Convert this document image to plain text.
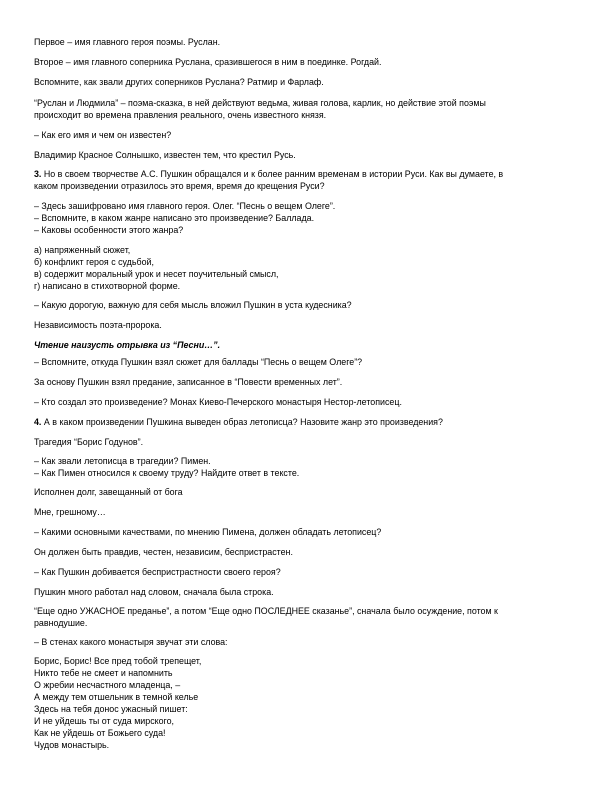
Первое – имя главного героя поэмы. Руслан.

Второе – имя главного соперника Руслана, сразившегося в ним в поединке. Рогдай.

Вспомните, как звали других соперников Руслана? Ратмир и Фарлаф.

“Руслан и Людмила” – поэма-сказка, в ней действуют ведьма, живая голова, карлик, но действие этой поэмы
происходит во времена правления реального, очень известного князя.

– Как его имя и чем он известен?

Владимир Красное Солнышко, известен тем, что крестил Русь.

3. Но в своем творчестве А.С. Пушкин обращался и к более ранним временам в истории Руси. Как вы думаете, в
каком произведении отразилось это время, время до крещения Руси?

– Здесь зашифровано имя главного героя. Олег. “Песнь о вещем Олеге”.
– Вспомните, в каком жанре написано это произведение? Баллада.
– Каковы особенности этого жанра?

а) напряженный сюжет,
б) конфликт героя с судьбой,
в) содержит моральный урок и несет поучительный смысл,
г) написано в стихотворной форме.

– Какую дорогую, важную для себя мысль вложил Пушкин в уста кудесника?

Независимость поэта-пророка.

Чтение наизусть отрывка из “Песни…”.

– Вспомните, откуда Пушкин взял сюжет для баллады “Песнь о вещем Олеге”?

За основу Пушкин взял предание, записанное в “Повести временных лет”.

– Кто создал это произведение? Монах Киево-Печерского монастыря Нестор-летописец.

4. А в каком произведении Пушкина выведен образ летописца? Назовите жанр это произведения?

Трагедия “Борис Годунов”.

– Как звали летописца в трагедии? Пимен.
– Как Пимен относился к своему труду? Найдите ответ в тексте.

Исполнен долг, завещанный от бога

Мне, грешному…

– Какими основными качествами, по мнению Пимена, должен обладать летописец?

Он должен быть правдив, честен, независим, беспристрастен.

– Как Пушкин добивается беспристрастности своего героя?

Пушкин много работал над словом, сначала была строка.

“Еще одно УЖАСНОЕ преданье”, а потом “Еще одно ПОСЛЕДНЕЕ сказанье”, сначала было осуждение, потом к
равнодушие.

– В стенах какого монастыря звучат эти слова:

Борис, Борис! Все пред тобой трепещет,
Никто тебе не смеет и напомнить
О жребии несчастного младенца, –
А между тем отшельник в темной келье
Здесь на тебя донос ужасный пишет:
И не уйдешь ты от суда мирского,
Как не уйдешь от Божьего суда!
Чудов монастырь.
